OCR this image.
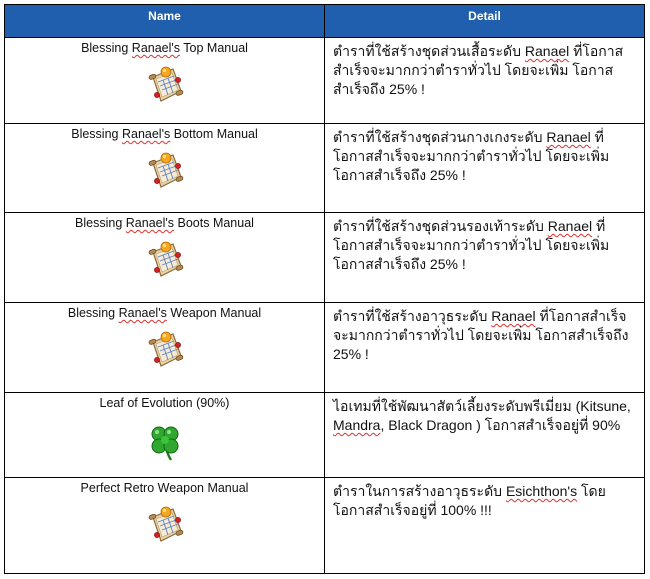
Name	Detail
Blessing Ranael's Top Manual	ตำราที่ใช้สร้างชุดส่วนเสื้อระดับ Ranael ที่โอกาสสำเร็จจะมากกว่าตำราทั่วไป โดยจะเพิ่ม โอกาสสำเร็จถึง 25% !
Blessing Ranael's Bottom Manual	ตำราที่ใช้สร้างชุดส่วนกางเกงระดับ Ranael ที่โอกาสสำเร็จจะมากกว่าตำราทั่วไป โดยจะเพิ่ม โอกาสสำเร็จถึง 25% !
Blessing Ranael's Boots Manual	ตำราที่ใช้สร้างชุดส่วนรองเท้าระดับ Ranael ที่โอกาสสำเร็จจะมากกว่าตำราทั่วไป โดยจะเพิ่ม โอกาสสำเร็จถึง 25% !
Blessing Ranael's Weapon Manual	ตำราที่ใช้สร้างอาวุธระดับ Ranael ที่โอกาสสำเร็จจะมากกว่าตำราทั่วไป โดยจะเพิ่ม โอกาสสำเร็จถึง 25% !
Leaf of Evolution (90%)	ไอเทมที่ใช้พัฒนาสัตว์เลี้ยงระดับพรีเมี่ยม (Kitsune, Mandra, Black Dragon ) โอกาสสำเร็จอยู่ที่ 90%
Perfect Retro Weapon Manual	ตำราในการสร้างอาวุธระดับ Esichthon's โดยโอกาสสำเร็จอยู่ที่ 100% !!!
